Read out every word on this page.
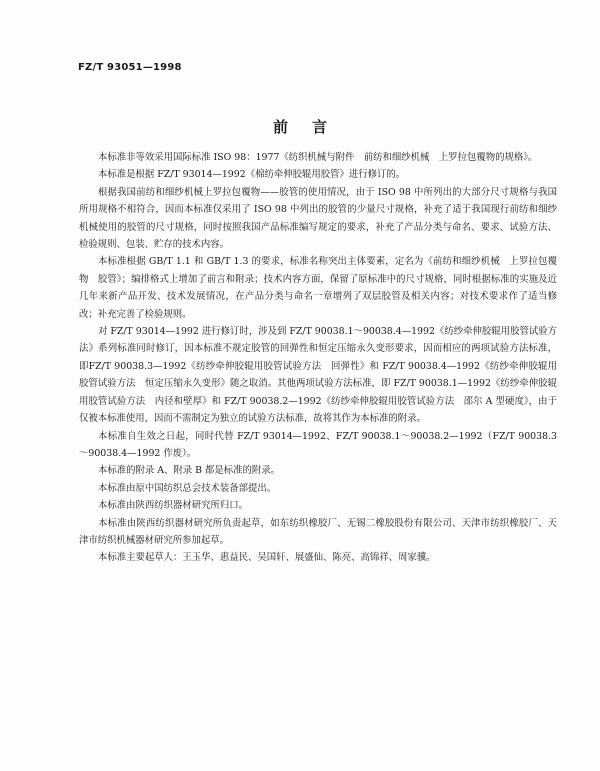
FZ/T 93051—1998
前言

本标准非等效采用国际标准 ISO 98：1977《纺织机械与附件　前纺和细纱机械　上罗拉包覆物的规格》。

本标准是根据 FZ/T 93014—1992《棉纺牵伸胶辊用胶管》进行修订的。

根据我国前纺和细纱机械上罗拉包覆物——胶管的使用情况，由于 ISO 98 中所列出的大部分尺寸规格与我国所用规格不相符合，因而本标准仅采用了 ISO 98 中列出的胶管的少量尺寸规格，补充了适于我国现行前纺和细纱机械使用的胶管的尺寸规格，同时按照我国产品标准编写规定的要求，补充了产品分类与命名、要求、试验方法、检验规则、包装、贮存的技术内容。

本标准根据 GB/T 1.1 和 GB/T 1.3 的要求，标准名称突出主体要素，定名为《前纺和细纱机械　上罗拉包覆物　胶管》；编排格式上增加了前言和附录；技术内容方面，保留了原标准中的尺寸规格，同时根据标准的实施及近几年来新产品开发、技术发展情况，在产品分类与命名一章增列了双层胶管及相关内容；对技术要求作了适当修改；补充完善了检验规则。

对 FZ/T 93014—1992 进行修订时，涉及到 FZ/T 90038.1～90038.4—1992《纺纱牵伸胶辊用胶管试验方法》系列标准同时修订，因本标准不规定胶管的回弹性和恒定压缩永久变形要求，因而相应的两项试验方法标准，即FZ/T 90038.3—1992《纺纱牵伸胶辊用胶管试验方法　回弹性》和 FZ/T 90038.4—1992《纺纱牵伸胶辊用胶管试验方法　恒定压缩永久变形》随之取消。其他两项试验方法标准，即 FZ/T 90038.1—1992《纺纱牵伸胶辊用胶管试验方法　内径和壁厚》和 FZ/T 90038.2—1992《纺纱牵伸胶辊用胶管试验方法　邵尔 A 型硬度》，由于仅被本标准使用，因而不需制定为独立的试验方法标准，故将其作为本标准的附录。

本标准自生效之日起，同时代替 FZ/T 93014—1992、FZ/T 90038.1～90038.2—1992（FZ/T 90038.3～90038.4—1992 作废）。

本标准的附录 A、附录 B 都是标准的附录。

本标准由原中国纺织总会技术装备部提出。

本标准由陕西纺织器材研究所归口。

本标准由陕西纺织器材研究所负责起草，如东纺织橡胶厂、无锡二橡胶股份有限公司、天津市纺织橡胶厂、天津市纺织机械器材研究所参加起草。

本标准主要起草人：王玉华、惠益民、吴国轩、展盛仙、陈亮、高锦祥、周家骥。
